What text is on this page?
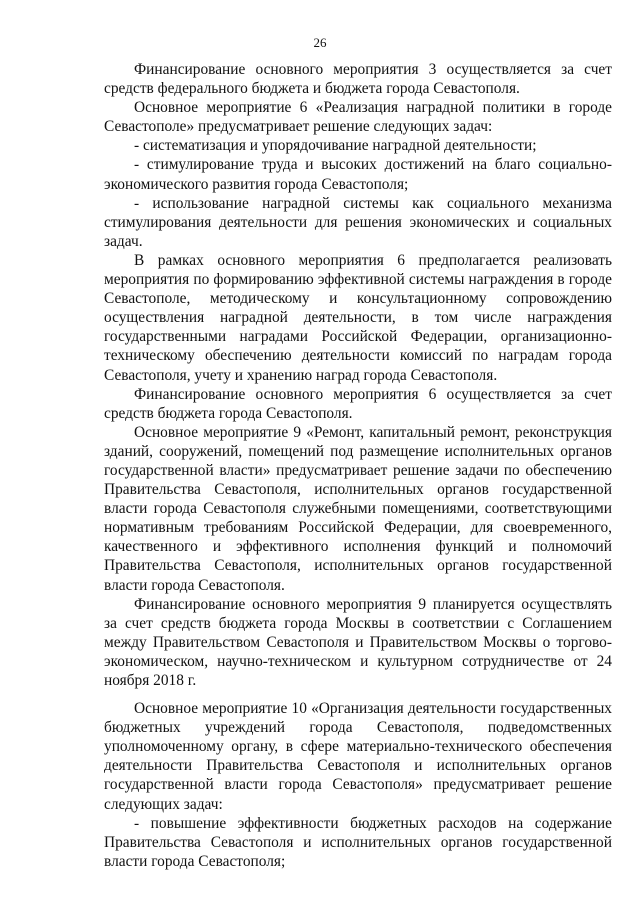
26

Финансирование основного мероприятия 3 осуществляется за счет средств федерального бюджета и бюджета города Севастополя.

Основное мероприятие 6 «Реализация наградной политики в городе Севастополе» предусматривает решение следующих задач:

- систематизация и упорядочивание наградной деятельности;

- стимулирование труда и высоких достижений на благо социально-экономического развития города Севастополя;

- использование наградной системы как социального механизма стимулирования деятельности для решения экономических и социальных задач.

В рамках основного мероприятия 6 предполагается реализовать мероприятия по формированию эффективной системы награждения в городе Севастополе, методическому и консультационному сопровождению осуществления наградной деятельности, в том числе награждения государственными наградами Российской Федерации, организационно-техническому обеспечению деятельности комиссий по наградам города Севастополя, учету и хранению наград города Севастополя.

Финансирование основного мероприятия 6 осуществляется за счет средств бюджета города Севастополя.

Основное мероприятие 9 «Ремонт, капитальный ремонт, реконструкция зданий, сооружений, помещений под размещение исполнительных органов государственной власти» предусматривает решение задачи по обеспечению Правительства Севастополя, исполнительных органов государственной власти города Севастополя служебными помещениями, соответствующими нормативным требованиям Российской Федерации, для своевременного, качественного и эффективного исполнения функций и полномочий Правительства Севастополя, исполнительных органов государственной власти города Севастополя.

Финансирование основного мероприятия 9 планируется осуществлять за счет средств бюджета города Москвы в соответствии с Соглашением между Правительством Севастополя и Правительством Москвы о торгово-экономическом, научно-техническом и культурном сотрудничестве от 24 ноября 2018 г.

Основное мероприятие 10 «Организация деятельности государственных бюджетных учреждений города Севастополя, подведомственных уполномоченному органу, в сфере материально-технического обеспечения деятельности Правительства Севастополя и исполнительных органов государственной власти города Севастополя» предусматривает решение следующих задач:

- повышение эффективности бюджетных расходов на содержание Правительства Севастополя и исполнительных органов государственной власти города Севастополя;
